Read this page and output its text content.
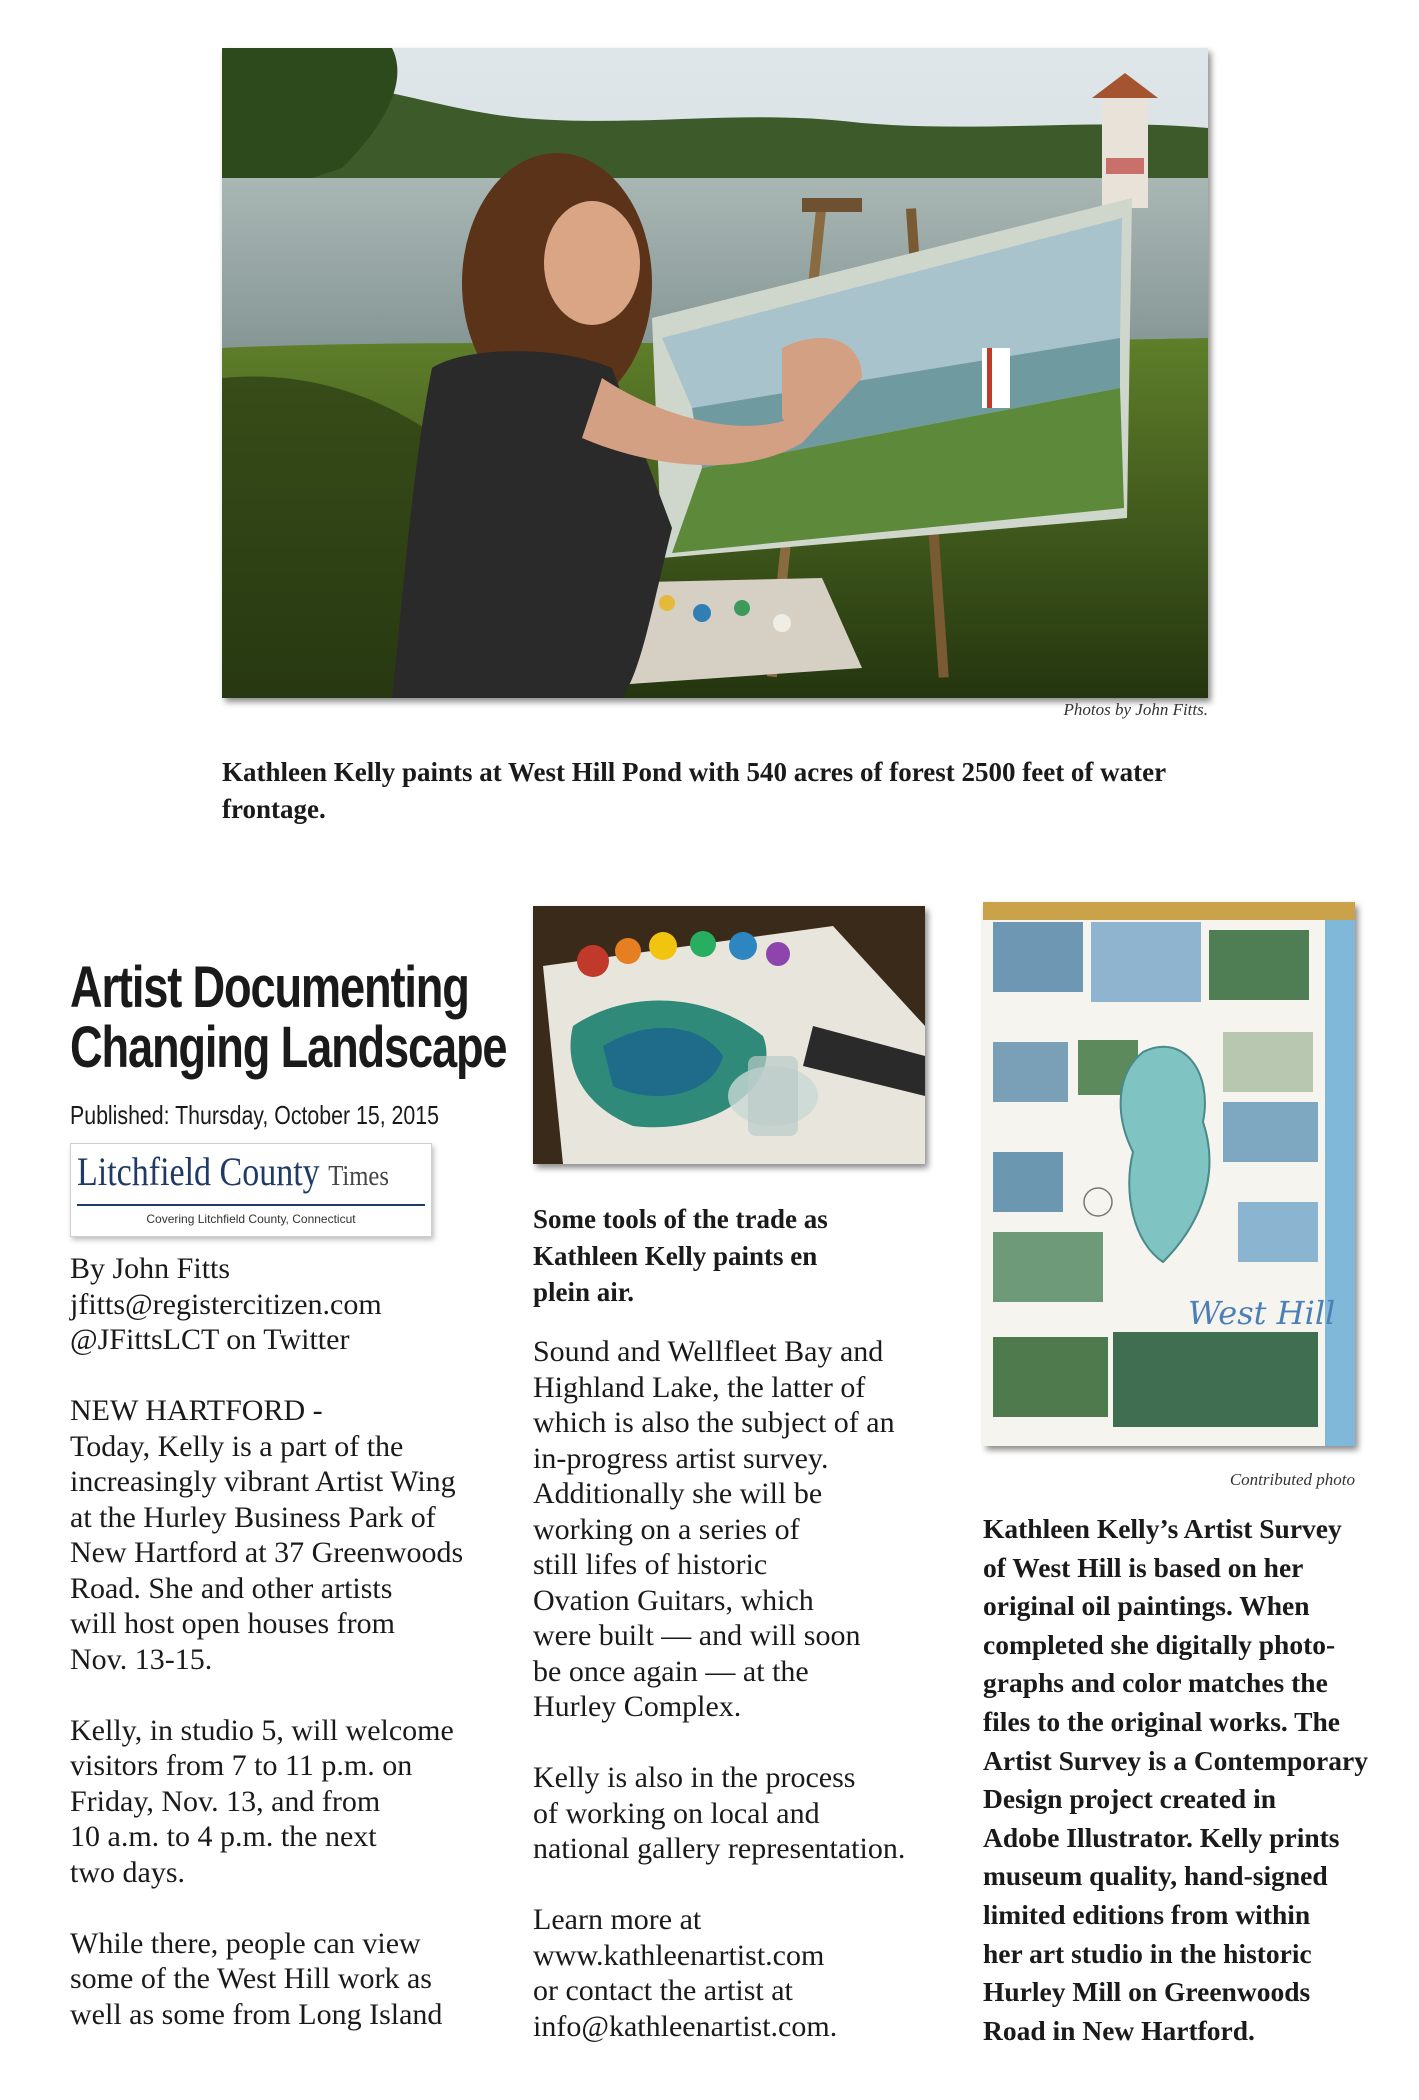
Photos by John Fitts.
Kathleen Kelly paints at West Hill Pond with 540 acres of forest 2500 feet of water frontage.
Artist Documenting
Changing Landscape
Published: Thursday, October 15, 2015
Litchfield County Times
Covering Litchfield County, Connecticut

By John Fitts
jfitts@registercitizen.com
@JFittsLCT on Twitter

NEW HARTFORD -
Today, Kelly is a part of the
increasingly vibrant Artist Wing
at the Hurley Business Park of
New Hartford at 37 Greenwoods
Road. She and other artists
will host open houses from
Nov. 13-15.

Kelly, in studio 5, will welcome
visitors from 7 to 11 p.m. on
Friday, Nov. 13, and from
10 a.m. to 4 p.m. the next
two days.

While there, people can view
some of the West Hill work as
well as some from Long Island

Some tools of the trade as
Kathleen Kelly paints en
plein air.

Sound and Wellfleet Bay and
Highland Lake, the latter of
which is also the subject of an
in-progress artist survey.
Additionally she will be
working on a series of
still lifes of historic
Ovation Guitars, which
were built — and will soon
be once again — at the
Hurley Complex.

Kelly is also in the process
of working on local and
national gallery representation.

Learn more at
www.kathleenartist.com
or contact the artist at
info@kathleenartist.com.

West Hill
Contributed photo
Kathleen Kelly’s Artist Survey
of West Hill is based on her
original oil paintings. When
completed she digitally photo-
graphs and color matches the
files to the original works. The
Artist Survey is a Contemporary
Design project created in
Adobe Illustrator. Kelly prints
museum quality, hand-signed
limited editions from within
her art studio in the historic
Hurley Mill on Greenwoods
Road in New Hartford.
